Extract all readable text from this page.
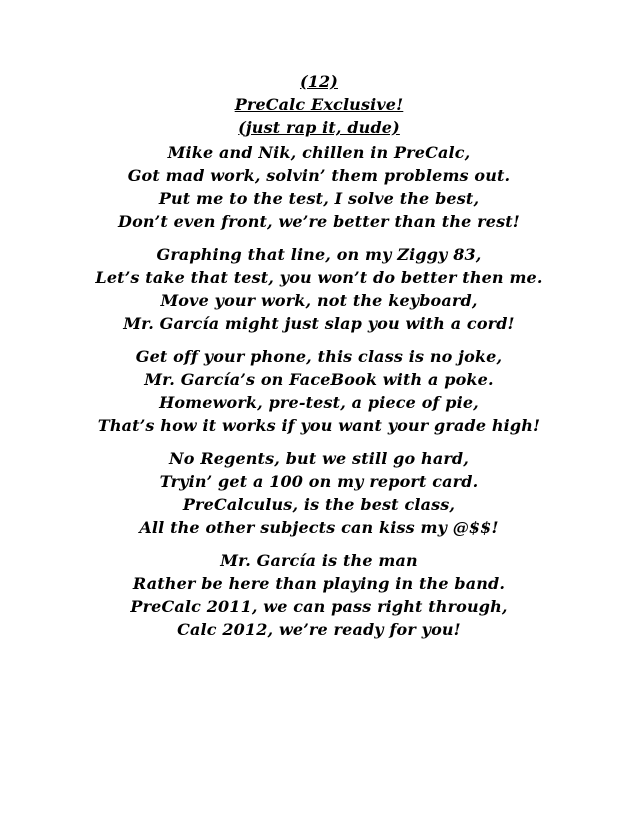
(12)
PreCalc Exclusive!
(just rap it, dude)
Mike and Nik, chillen in PreCalc,
Got mad work, solvin’ them problems out.
Put me to the test, I solve the best,
Don’t even front, we’re better than the rest!
Graphing that line, on my Ziggy 83,
Let’s take that test, you won’t do better then me.
Move your work, not the keyboard,
Mr. García might just slap you with a cord!
Get off your phone, this class is no joke,
Mr. García’s on FaceBook with a poke.
Homework, pre-test, a piece of pie,
That’s how it works if you want your grade high!
No Regents, but we still go hard,
Tryin’ get a 100 on my report card.
PreCalculus, is the best class,
All the other subjects can kiss my @$$!
Mr. García is the man
Rather be here than playing in the band.
PreCalc 2011, we can pass right through,
Calc 2012, we’re ready for you!
